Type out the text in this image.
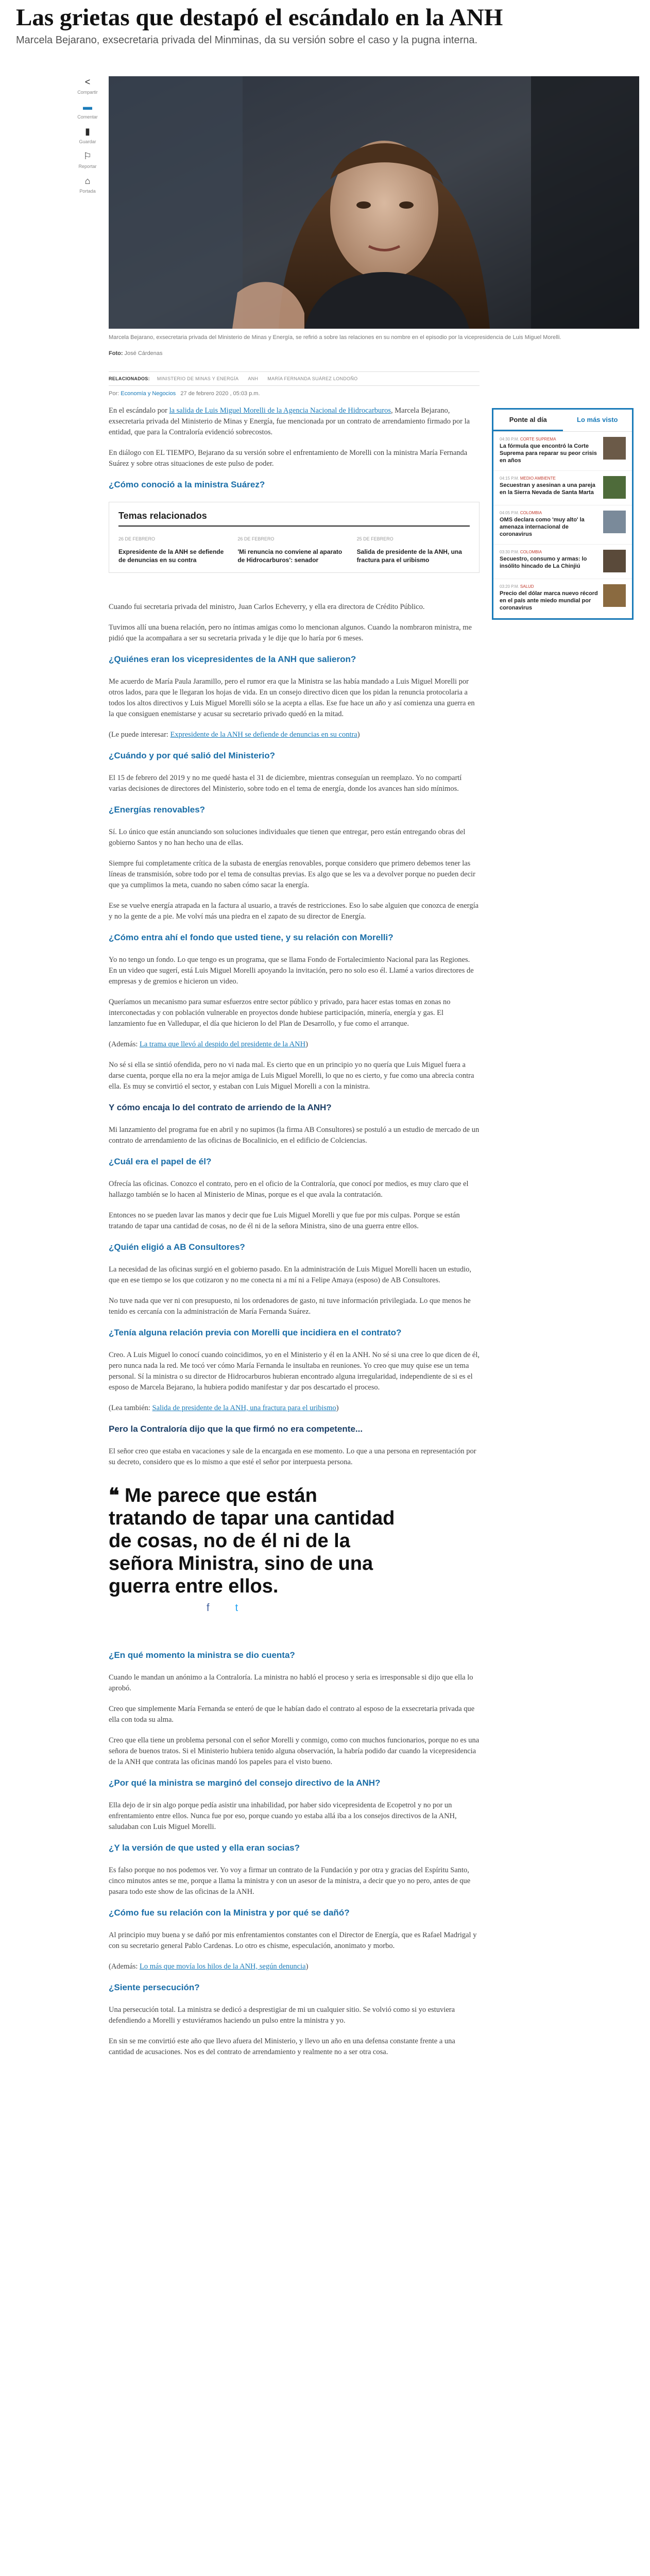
Las grietas que destapó el escándalo en la ANH
Marcela Bejarano, exsecretaria privada del Minminas, da su versión sobre el caso y la pugna interna.
<
Compartir
▬
Comentar
▮
Guardar
⚐
Reportar
⌂
Portada
Marcela Bejarano, exsecretaria privada del Ministerio de Minas y Energía, se refirió a sobre las relaciones en su nombre en el episodio por la vicepresidencia de Luis Miguel Morelli.
Foto: José Cárdenas
RELACIONADOS: MINISTERIO DE MINAS Y ENERGÍA ANH MARÍA FERNANDA SUÁREZ LONDOÑO
Por: Economía y Negocios 27 de febrero 2020 , 05:03 p.m.

En el escándalo por la salida de Luis Miguel Morelli de la Agencia Nacional de Hidrocarburos, Marcela Bejarano, exsecretaria privada del Ministerio de Minas y Energía, fue mencionada por un contrato de arrendamiento firmado por la entidad, que para la Contraloría evidenció sobrecostos.

En diálogo con EL TIEMPO, Bejarano da su versión sobre el enfrentamiento de Morelli con la ministra María Fernanda Suárez y sobre otras situaciones de este pulso de poder.

¿Cómo conoció a la ministra Suárez?
Temas relacionados
26 DE FEBRERO
Expresidente de la ANH se defiende de denuncias en su contra
26 DE FEBRERO
'Mi renuncia no conviene al aparato de Hidrocarburos': senador
25 DE FEBRERO
Salida de presidente de la ANH, una fractura para el uribismo

Cuando fui secretaria privada del ministro, Juan Carlos Echeverry, y ella era directora de Crédito Público.

Tuvimos allí una buena relación, pero no íntimas amigas como lo mencionan algunos. Cuando la nombraron ministra, me pidió que la acompañara a ser su secretaria privada y le dije que lo haría por 6 meses.

¿Quiénes eran los vicepresidentes de la ANH que salieron?

Me acuerdo de María Paula Jaramillo, pero el rumor era que la Ministra se las había mandado a Luis Miguel Morelli por otros lados, para que le llegaran los hojas de vida. En un consejo directivo dicen que los pidan la renuncia protocolaria a todos los altos directivos y Luis Miguel Morelli sólo se la acepta a ellas. Ese fue hace un año y así comienza una guerra en la que consiguen enemistarse y acusar su secretario privado quedó en la mitad.

(Le puede interesar: Expresidente de la ANH se defiende de denuncias en su contra)

¿Cuándo y por qué salió del Ministerio?

El 15 de febrero del 2019 y no me quedé hasta el 31 de diciembre, mientras conseguían un reemplazo. Yo no compartí varias decisiones de directores del Ministerio, sobre todo en el tema de energía, donde los avances han sido mínimos.

¿Energías renovables?

Sí. Lo único que están anunciando son soluciones individuales que tienen que entregar, pero están entregando obras del gobierno Santos y no han hecho una de ellas.

Siempre fui completamente crítica de la subasta de energías renovables, porque considero que primero debemos tener las líneas de transmisión, sobre todo por el tema de consultas previas. Es algo que se les va a devolver porque no pueden decir que ya cumplimos la meta, cuando no saben cómo sacar la energía.

Ese se vuelve energía atrapada en la factura al usuario, a través de restricciones. Eso lo sabe alguien que conozca de energía y no la gente de a pie. Me volví más una piedra en el zapato de su director de Energía.

¿Cómo entra ahí el fondo que usted tiene, y su relación con Morelli?

Yo no tengo un fondo. Lo que tengo es un programa, que se llama Fondo de Fortalecimiento Nacional para las Regiones. En un video que sugerí, está Luis Miguel Morelli apoyando la invitación, pero no solo eso él. Llamé a varios directores de empresas y de gremios e hicieron un video.

Queríamos un mecanismo para sumar esfuerzos entre sector público y privado, para hacer estas tomas en zonas no interconectadas y con población vulnerable en proyectos donde hubiese participación, minería, energía y gas. El lanzamiento fue en Valledupar, el día que hicieron lo del Plan de Desarrollo, y fue como el arranque.

(Además: La trama que llevó al despido del presidente de la ANH)

No sé si ella se sintió ofendida, pero no vi nada mal. Es cierto que en un principio yo no quería que Luis Miguel fuera a darse cuenta, porque ella no era la mejor amiga de Luis Miguel Morelli, lo que no es cierto, y fue como una abrecia contra ella. Es muy se convirtió el sector, y estaban con Luis Miguel Morelli a con la ministra.

Y cómo encaja lo del contrato de arriendo de la ANH?

Mi lanzamiento del programa fue en abril y no supimos (la firma AB Consultores) se postuló a un estudio de mercado de un contrato de arrendamiento de las oficinas de Bocalinicio, en el edificio de Colciencias.

¿Cuál era el papel de él?

Ofrecía las oficinas. Conozco el contrato, pero en el oficio de la Contraloría, que conocí por medios, es muy claro que el hallazgo también se lo hacen al Ministerio de Minas, porque es el que avala la contratación.

Entonces no se pueden lavar las manos y decir que fue Luis Miguel Morelli y que fue por mis culpas. Porque se están tratando de tapar una cantidad de cosas, no de él ni de la señora Ministra, sino de una guerra entre ellos.

¿Quién eligió a AB Consultores?

La necesidad de las oficinas surgió en el gobierno pasado. En la administración de Luis Miguel Morelli hacen un estudio, que en ese tiempo se los que cotizaron y no me conecta ni a mí ni a Felipe Amaya (esposo) de AB Consultores.

No tuve nada que ver ni con presupuesto, ni los ordenadores de gasto, ni tuve información privilegiada. Lo que menos he tenido es cercanía con la administración de María Fernanda Suárez.

¿Tenía alguna relación previa con Morelli que incidiera en el contrato?

Creo. A Luis Miguel lo conocí cuando coincidimos, yo en el Ministerio y él en la ANH. No sé si una cree lo que dicen de él, pero nunca nada la red. Me tocó ver cómo María Fernanda le insultaba en reuniones. Yo creo que muy quise ese un tema personal. Sí la ministra o su director de Hidrocarburos hubieran encontrado alguna irregularidad, independiente de si es el esposo de Marcela Bejarano, la hubiera podido manifestar y dar pos descartado el proceso.

(Lea también: Salida de presidente de la ANH, una fractura para el uribismo)

Pero la Contraloría dijo que la que firmó no era competente...

El señor creo que estaba en vacaciones y sale de la encargada en ese momento. Lo que a una persona en representación por su decreto, considero que es lo mismo a que esté el señor por interpuesta persona.

❝ Me parece que están tratando de tapar una cantidad de cosas, no de él ni de la señora Ministra, sino de una guerra entre ellos.
f	t
¿En qué momento la ministra se dio cuenta?

Cuando le mandan un anónimo a la Contraloría. La ministra no habló el proceso y seria es irresponsable si dijo que ella lo aprobó.

Creo que simplemente María Fernanda se enteró de que le habían dado el contrato al esposo de la exsecretaria privada que ella con toda su alma.

Creo que ella tiene un problema personal con el señor Morelli y conmigo, como con muchos funcionarios, porque no es una señora de buenos tratos. Si el Ministerio hubiera tenido alguna observación, la habría podido dar cuando la vicepresidencia de la ANH que contrata las oficinas mandó los papeles para el visto bueno.

¿Por qué la ministra se marginó del consejo directivo de la ANH?

Ella dejo de ir sin algo porque pedía asistir una inhabilidad, por haber sido vicepresidenta de Ecopetrol y no por un enfrentamiento entre ellos. Nunca fue por eso, porque cuando yo estaba allá iba a los consejos directivos de la ANH, saludaban con Luis Miguel Morelli.

¿Y la versión de que usted y ella eran socias?

Es falso porque no nos podemos ver. Yo voy a firmar un contrato de la Fundación y por otra y gracias del Espíritu Santo, cinco minutos antes se me, porque a llama la ministra y con un asesor de la ministra, a decir que yo no pero, antes de que pasara todo este show de las oficinas de la ANH.

¿Cómo fue su relación con la Ministra y por qué se dañó?

Al principio muy buena y se dañó por mis enfrentamientos constantes con el Director de Energía, que es Rafael Madrigal y con su secretario general Pablo Cardenas. Lo otro es chisme, especulación, anonimato y morbo.

(Además: Lo más que movía los hilos de la ANH, según denuncia)

¿Siente persecución?

Una persecución total. La ministra se dedicó a desprestigiar de mi un cualquier sitio. Se volvió como si yo estuviera defendiendo a Morelli y estuviéramos haciendo un pulso entre la ministra y yo.

En sin se me convirtió este año que llevo afuera del Ministerio, y llevo un año en una defensa constante frente a una cantidad de acusaciones. Nos es del contrato de arrendamiento y realmente no a ser otra cosa.

Ponte al día	Lo más visto
04:30 P.M. CORTE SUPREMA
La fórmula que encontró la Corte Suprema para reparar su peor crisis en años
04:15 P.M. MEDIO AMBIENTE
Secuestran y asesinan a una pareja en la Sierra Nevada de Santa Marta
04:05 P.M. COLOMBIA
OMS declara como 'muy alto' la amenaza internacional de coronavirus
03:30 P.M. COLOMBIA
Secuestro, consumo y armas: lo insólito hincado de La Chinjiú
03:20 P.M. SALUD
Precio del dólar marca nuevo récord en el país ante miedo mundial por coronavirus
